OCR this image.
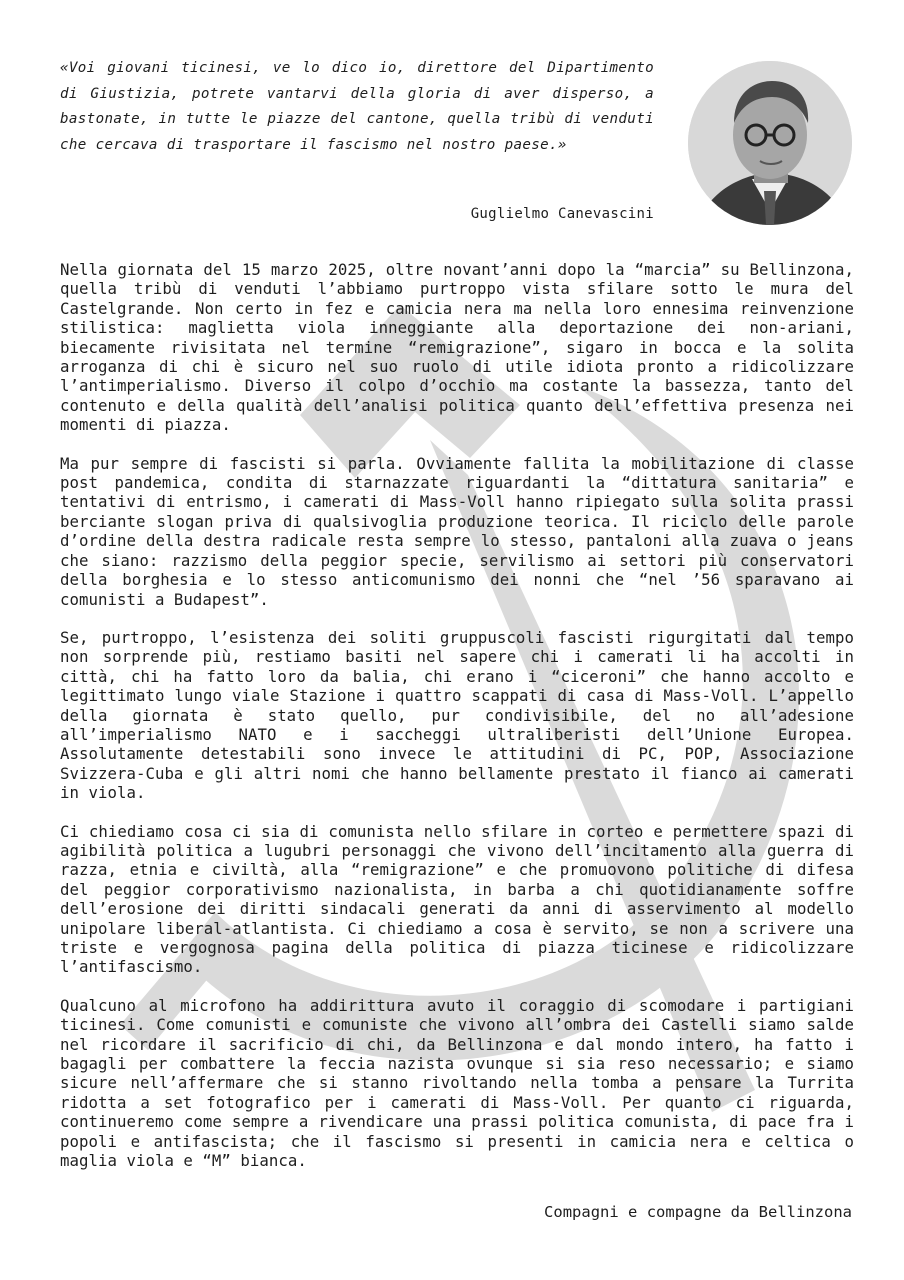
«Voi giovani ticinesi, ve lo dico io, direttore del Dipartimento di Giustizia, potrete vantarvi della gloria di aver disperso, a bastonate, in tutte le piazze del cantone, quella tribù di venduti che cercava di trasportare il fascismo nel nostro paese.»

Guglielmo Canevascini

Nella giornata del 15 marzo 2025, oltre novant’anni dopo la “marcia” su Bellinzona, quella tribù di venduti l’abbiamo purtroppo vista sfilare sotto le mura del Castelgrande. Non certo in fez e camicia nera ma nella loro ennesima reinvenzione stilistica: maglietta viola inneggiante alla deportazione dei non-ariani, biecamente rivisitata nel termine “remigrazione”, sigaro in bocca e la solita arroganza di chi è sicuro nel suo ruolo di utile idiota pronto a ridicolizzare l’antimperialismo. Diverso il colpo d’occhio ma costante la bassezza, tanto del contenuto e della qualità dell’analisi politica quanto dell’effettiva presenza nei momenti di piazza.

Ma pur sempre di fascisti si parla. Ovviamente fallita la mobilitazione di classe post pandemica, condita di starnazzate riguardanti la “dittatura sanitaria” e tentativi di entrismo, i camerati di Mass-Voll hanno ripiegato sulla solita prassi berciante slogan priva di qualsivoglia produzione teorica. Il riciclo delle parole d’ordine della destra radicale resta sempre lo stesso, pantaloni alla zuava o jeans che siano: razzismo della peggior specie, servilismo ai settori più conservatori della borghesia e lo stesso anticomunismo dei nonni che “nel ’56 sparavano ai comunisti a Budapest”.

Se, purtroppo, l’esistenza dei soliti gruppuscoli fascisti rigurgitati dal tempo non sorprende più, restiamo basiti nel sapere chi i camerati li ha accolti in città, chi ha fatto loro da balia, chi erano i “ciceroni” che hanno accolto e legittimato lungo viale Stazione i quattro scappati di casa di Mass-Voll. L’appello della giornata è stato quello, pur condivisibile, del no all’adesione all’imperialismo NATO e i saccheggi ultraliberisti dell’Unione Europea. Assolutamente detestabili sono invece le attitudini di PC, POP, Associazione Svizzera-Cuba e gli altri nomi che hanno bellamente prestato il fianco ai camerati in viola.

Ci chiediamo cosa ci sia di comunista nello sfilare in corteo e permettere spazi di agibilità politica a lugubri personaggi che vivono dell’incitamento alla guerra di razza, etnia e civiltà, alla “remigrazione” e che promuovono politiche di difesa del peggior corporativismo nazionalista, in barba a chi quotidianamente soffre dell’erosione dei diritti sindacali generati da anni di asservimento al modello unipolare liberal-atlantista. Ci chiediamo a cosa è servito, se non a scrivere una triste e vergognosa pagina della politica di piazza ticinese e ridicolizzare l’antifascismo.

Qualcuno al microfono ha addirittura avuto il coraggio di scomodare i partigiani ticinesi. Come comunisti e comuniste che vivono all’ombra dei Castelli siamo salde nel ricordare il sacrificio di chi, da Bellinzona e dal mondo intero, ha fatto i bagagli per combattere la feccia nazista ovunque si sia reso necessario; e siamo sicure nell’affermare che si stanno rivoltando nella tomba a pensare la Turrita ridotta a set fotografico per i camerati di Mass-Voll. Per quanto ci riguarda, continueremo come sempre a rivendicare una prassi politica comunista, di pace fra i popoli e antifascista; che il fascismo si presenti in camicia nera e celtica o maglia viola e “M” bianca.

Compagni e compagne da Bellinzona
